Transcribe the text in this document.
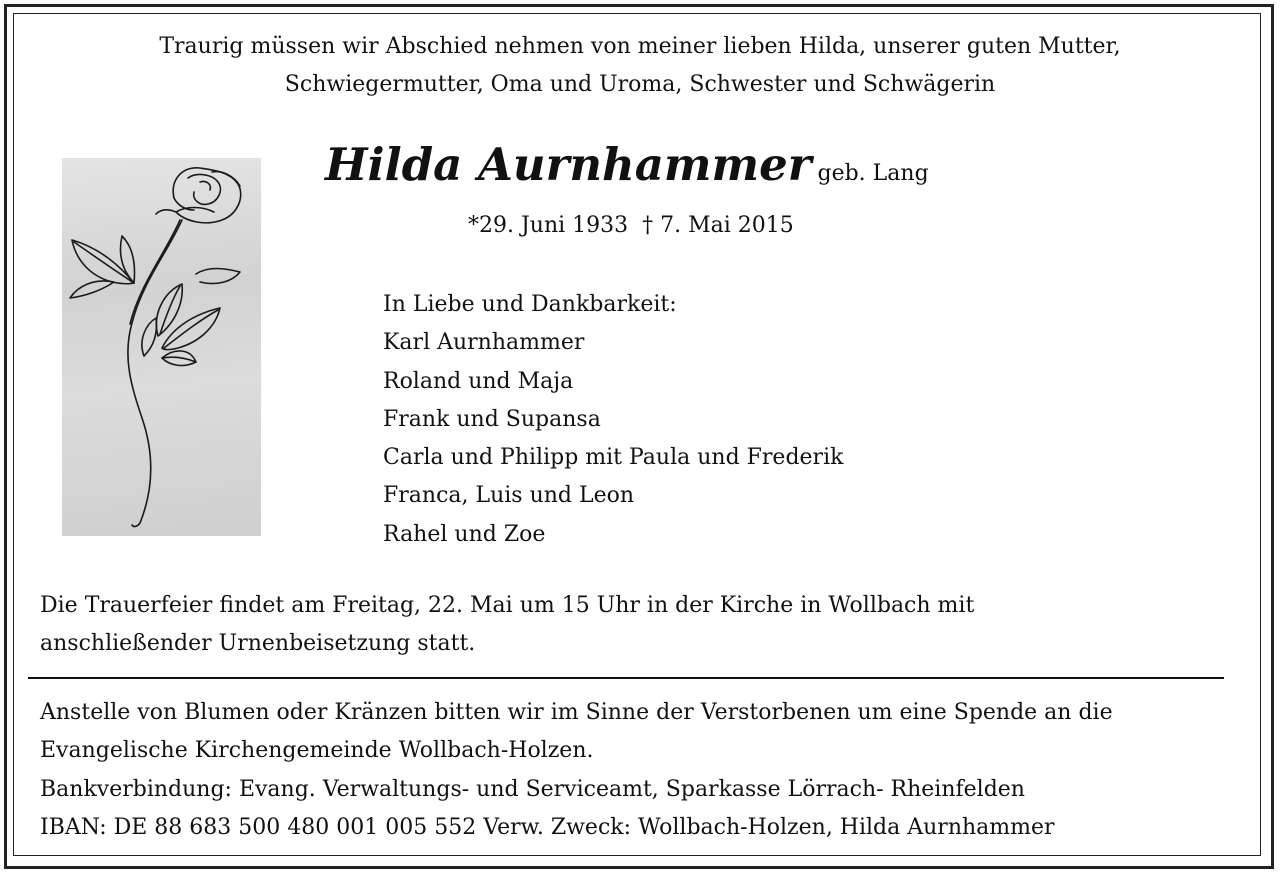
Traurig müssen wir Abschied nehmen von meiner lieben Hilda, unserer guten Mutter,
Schwiegermutter, Oma und Uroma, Schwester und Schwägerin
Hilda Aurnhammer geb. Lang
*29. Juni 1933 † 7. Mai 2015
In Liebe und Dankbarkeit:
Karl Aurnhammer
Roland und Maja
Frank und Supansa
Carla und Philipp mit Paula und Frederik
Franca, Luis und Leon
Rahel und Zoe
Die Trauerfeier findet am Freitag, 22. Mai um 15 Uhr in der Kirche in Wollbach mit
anschließender Urnenbeisetzung statt.
Anstelle von Blumen oder Kränzen bitten wir im Sinne der Verstorbenen um eine Spende an die
Evangelische Kirchengemeinde Wollbach-Holzen.
Bankverbindung: Evang. Verwaltungs- und Serviceamt, Sparkasse Lörrach- Rheinfelden
IBAN: DE 88 683 500 480 001 005 552 Verw. Zweck: Wollbach-Holzen, Hilda Aurnhammer
